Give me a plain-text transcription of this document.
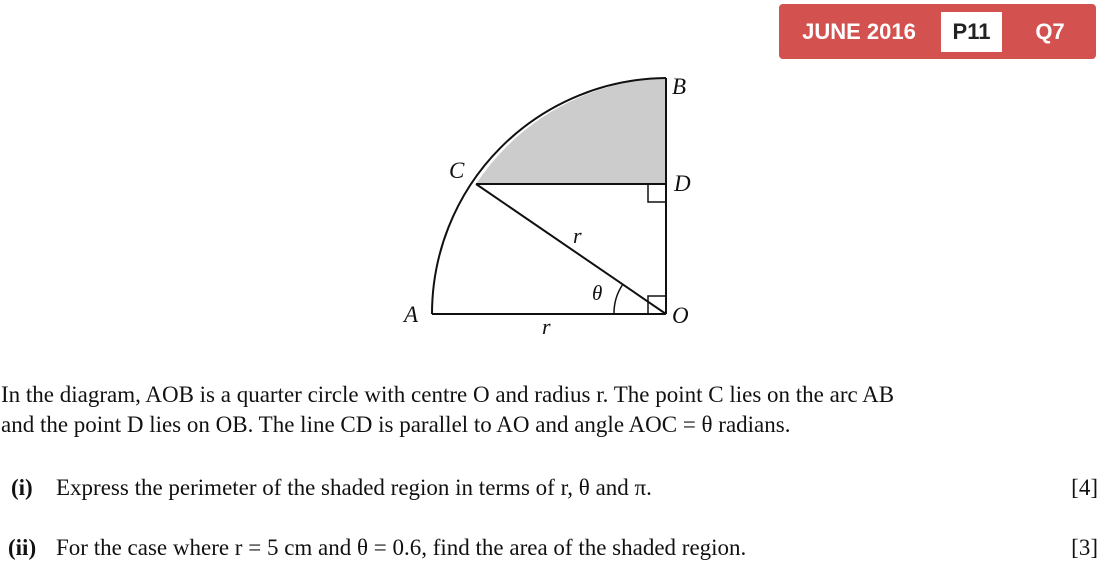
JUNE 2016	P11	Q7
A
B
C
D
O
r
r
θ
In the diagram, AOB is a quarter circle with centre O and radius r. The point C lies on the arc AB
and the point D lies on OB. The line CD is parallel to AO and angle AOC = θ radians.
(i) Express the perimeter of the shaded region in terms of r, θ and π.	[4]
(ii) For the case where r = 5 cm and θ = 0.6, find the area of the shaded region.	[3]
